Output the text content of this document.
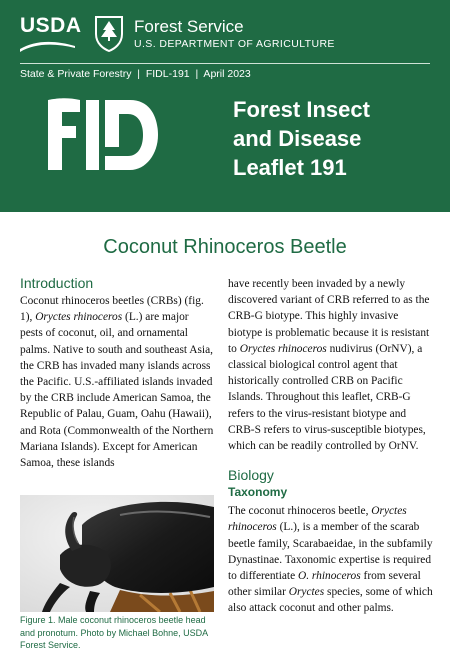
USDA	Forest Service
U.S. DEPARTMENT OF AGRICULTURE
State & Private Forestry  |  FIDL-191  |  April 2023
Forest Insect
and Disease
Leaflet 191
Coconut Rhinoceros Beetle
Introduction

Coconut rhinoceros beetles (CRBs) (fig. 1), Oryctes rhinoceros (L.) are major pests of coconut, oil, and ornamental palms. Native to south and southeast Asia, the CRB has invaded many islands across the Pacific. U.S.-affiliated islands invaded by the CRB include American Samoa, the Republic of Palau, Guam, Oahu (Hawaii), and Rota (Commonwealth of the Northern Mariana Islands). Except for American Samoa, these islands

Figure 1. Male coconut rhinoceros beetle head and pronotum. Photo by Michael Bohne, USDA Forest Service.

have recently been invaded by a newly discovered variant of CRB referred to as the CRB-G biotype. This highly invasive biotype is problematic because it is resistant to Oryctes rhinoceros nudivirus (OrNV), a classical biological control agent that historically controlled CRB on Pacific Islands. Throughout this leaflet, CRB-G refers to the virus-resistant biotype and CRB-S refers to virus-susceptible biotypes, which can be readily controlled by OrNV.

Biology
Taxonomy

The coconut rhinoceros beetle, Oryctes rhinoceros (L.), is a member of the scarab beetle family, Scarabaeidae, in the subfamily Dynastinae. Taxonomic expertise is required to differentiate O. rhinoceros from several other similar Oryctes species, some of which also attack coconut and other palms.
